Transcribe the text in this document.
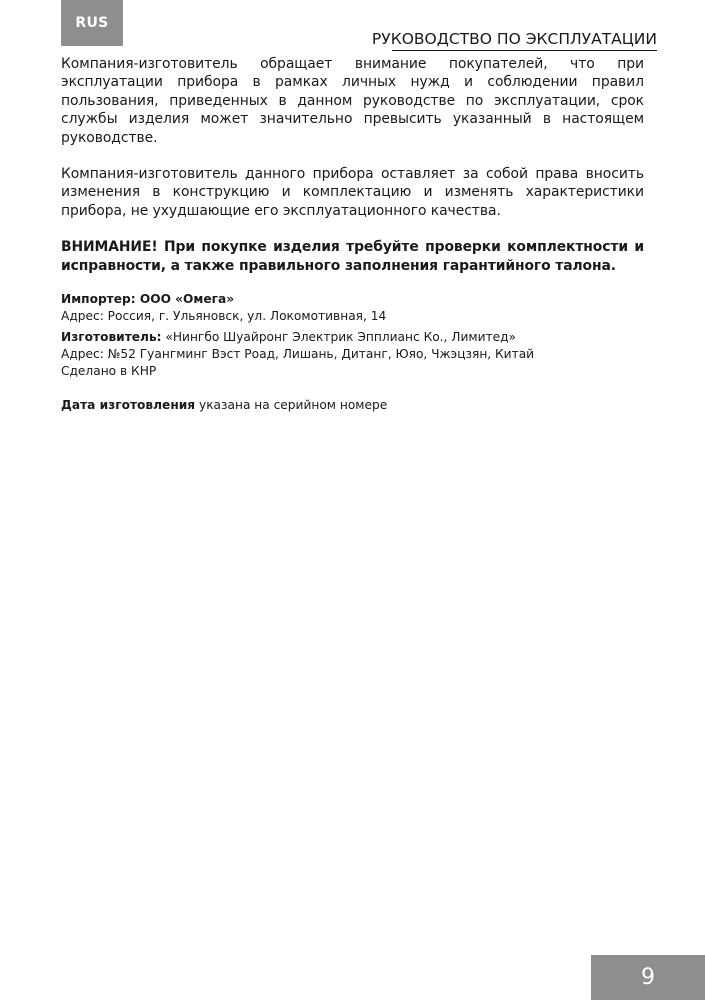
RUS
РУКОВОДСТВО ПО ЭКСПЛУАТАЦИИ

Компания-изготовитель обращает внимание покупателей, что при эксплуатации прибора в рамках личных нужд и соблюдении правил пользования, приведенных в данном руководстве по эксплуатации, срок службы изделия может значительно превысить указанный в настоящем руководстве.

Компания-изготовитель данного прибора оставляет за собой права вносить изменения в конструкцию и комплектацию и изменять характеристики прибора, не ухудшающие его эксплуатационного качества.

ВНИМАНИЕ! При покупке изделия требуйте проверки комплектности и исправности, а также правильного заполнения гарантийного талона.

Импортер: ООО «Омега»

Адрес: Россия, г. Ульяновск, ул. Локомотивная, 14

Изготовитель: «Нингбо Шуайронг Электрик Эпплианс Ко., Лимитед»

Адрес: №52 Гуангминг Вэст Роад, Лишань, Дитанг, Юяо, Чжэцзян, Китай

Сделано в КНР

Дата изготовления указана на серийном номере

9
